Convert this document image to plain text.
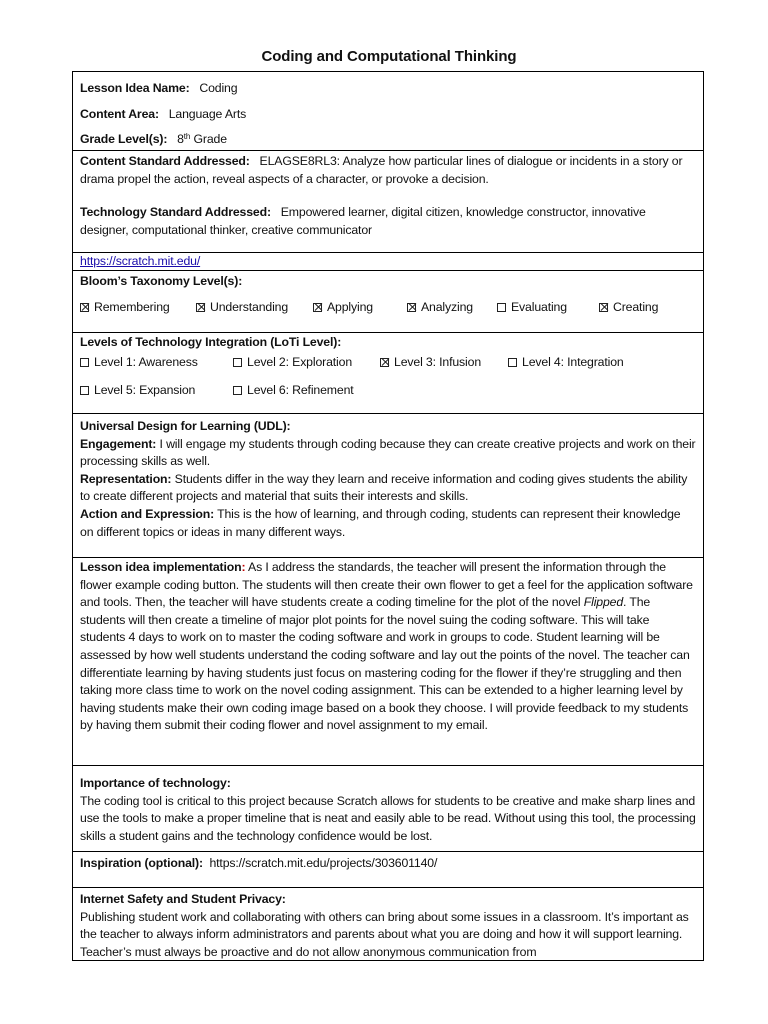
Coding and Computational Thinking
Lesson Idea Name: Coding
Content Area: Language Arts
Grade Level(s): 8th Grade
Content Standard Addressed: ELAGSE8RL3: Analyze how particular lines of dialogue or incidents in a story or drama propel the action, reveal aspects of a character, or provoke a decision.
Technology Standard Addressed: Empowered learner, digital citizen, knowledge constructor, innovative designer, computational thinker, creative communicator
https://scratch.mit.edu/
Bloom’s Taxonomy Level(s):
Remembering	Understanding	Applying	Analyzing	Evaluating	Creating
Levels of Technology Integration (LoTi Level):
Level 1: Awareness	Level 2: Exploration	Level 3: Infusion	Level 4: Integration
Level 5: Expansion	Level 6: Refinement
Universal Design for Learning (UDL):
Engagement: I will engage my students through coding because they can create creative projects and work on their processing skills as well.
Representation: Students differ in the way they learn and receive information and coding gives students the ability to create different projects and material that suits their interests and skills.
Action and Expression: This is the how of learning, and through coding, students can represent their knowledge on different topics or ideas in many different ways.
Lesson idea implementation: As I address the standards, the teacher will present the information through the flower example coding button. The students will then create their own flower to get a feel for the application software and tools. Then, the teacher will have students create a coding timeline for the plot of the novel Flipped. The students will then create a timeline of major plot points for the novel suing the coding software. This will take students 4 days to work on to master the coding software and work in groups to code. Student learning will be assessed by how well students understand the coding software and lay out the points of the novel. The teacher can differentiate learning by having students just focus on mastering coding for the flower if they’re struggling and then taking more class time to work on the novel coding assignment. This can be extended to a higher learning level by having students make their own coding image based on a book they choose. I will provide feedback to my students by having them submit their coding flower and novel assignment to my email.
Importance of technology:
The coding tool is critical to this project because Scratch allows for students to be creative and make sharp lines and use the tools to make a proper timeline that is neat and easily able to be read. Without using this tool, the processing skills a student gains and the technology confidence would be lost.
Inspiration (optional): https://scratch.mit.edu/projects/303601140/
Internet Safety and Student Privacy:
Publishing student work and collaborating with others can bring about some issues in a classroom. It’s important as the teacher to always inform administrators and parents about what you are doing and how it will support learning. Teacher’s must always be proactive and do not allow anonymous communication from
